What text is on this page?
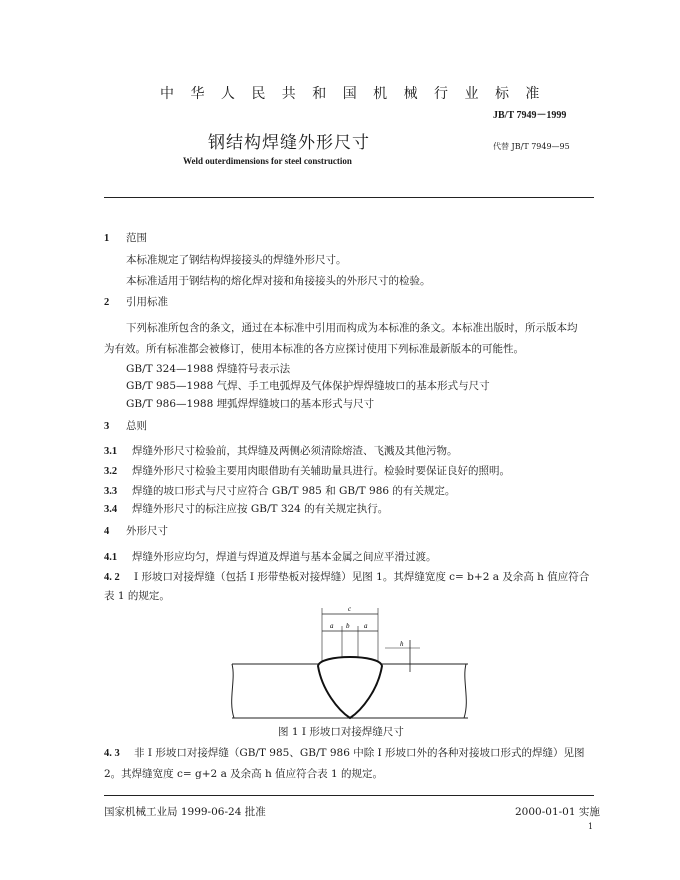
中 华 人 民 共 和 国 机 械 行 业 标 准
JB/T 7949－1999
钢结构焊缝外形尺寸	代替 JB/T 7949—95
Weld outerdimensions for steel construction
1 范围
本标准规定了钢结构焊接接头的焊缝外形尺寸。
本标准适用于钢结构的熔化焊对接和角接接头的外形尺寸的检验。
2 引用标准
下列标准所包含的条文，通过在本标准中引用而构成为本标准的条文。本标准出版时，所示版本均
为有效。所有标准都会被修订，使用本标准的各方应探讨使用下列标准最新版本的可能性。
GB/T 324—1988 焊缝符号表示法
GB/T 985—1988 气焊、手工电弧焊及气体保护焊焊缝坡口的基本形式与尺寸
GB/T 986—1988 埋弧焊焊缝坡口的基本形式与尺寸
3 总则
3.1 焊缝外形尺寸检验前，其焊缝及两侧必须清除熔渣、飞溅及其他污物。
3.2 焊缝外形尺寸检验主要用肉眼借助有关辅助量具进行。检验时要保证良好的照明。
3.3 焊缝的坡口形式与尺寸应符合 GB/T 985 和 GB/T 986 的有关规定。
3.4 焊缝外形尺寸的标注应按 GB/T 324 的有关规定执行。
4 外形尺寸
4.1 焊缝外形应均匀，焊道与焊道及焊道与基本金属之间应平滑过渡。
4. 2 I 形坡口对接焊缝（包括 I 形带垫板对接焊缝）见图 1。其焊缝宽度 c= b+2 a 及余高 h 值应符合
表 1 的规定。
c
a b a
h
图 1 I 形坡口对接焊缝尺寸
4. 3 非 I 形坡口对接焊缝（GB/T 985、GB/T 986 中除 I 形坡口外的各种对接坡口形式的焊缝）见图
2。其焊缝宽度 c= g+2 a 及余高 h 值应符合表 1 的规定。
国家机械工业局 1999-06-24 批准	2000-01-01 实施
1
